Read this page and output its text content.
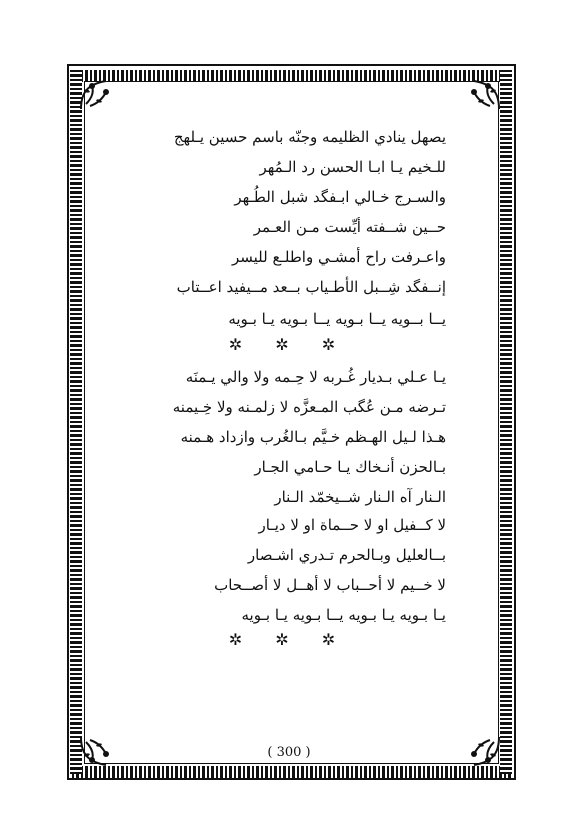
يصهل ينادي الظليمه وجنّه باسم حسين يـلهج
للـخيم يـا ابـا الحسن رد الـمُهر
والسـرج خـالي ابـفگد شبل الطُـهر
حــين شــفته أيِّست مـن العـمر
واعـرفت راح أمشـي واطلـع لليسر
إنــفگد شِــبل الأطـياب بــعد مــيفيد اعــتاب
يــا بــويه يــا بـويه يــا بـويه يـا بـويه
✲ ✲ ✲
يـا عـلي بـديار غُـربه لا حِـمه ولا والي يـمنَه
تـرضه مـن عُگب المـعزَّه لا زلمـنه ولا خِـيمنه
هـذا لـيل الهـظم خـيَّم بـالغُرب وازداد هـمنه
بـالحزن أنـخاك يـا حـامي الجـار
الـنار آه الـنار شــيخمّد الـنار
لا كــفيل او لا حــماة او لا ديـار
بــالعليل وبـالحرم تـدري اشـصار
لا خــيم لا أحــباب لا أهــل لا أصــحاب
يـا بـويه يـا بـويه يــا بـويه يـا بـويه
✲ ✲ ✲
( 300 )
